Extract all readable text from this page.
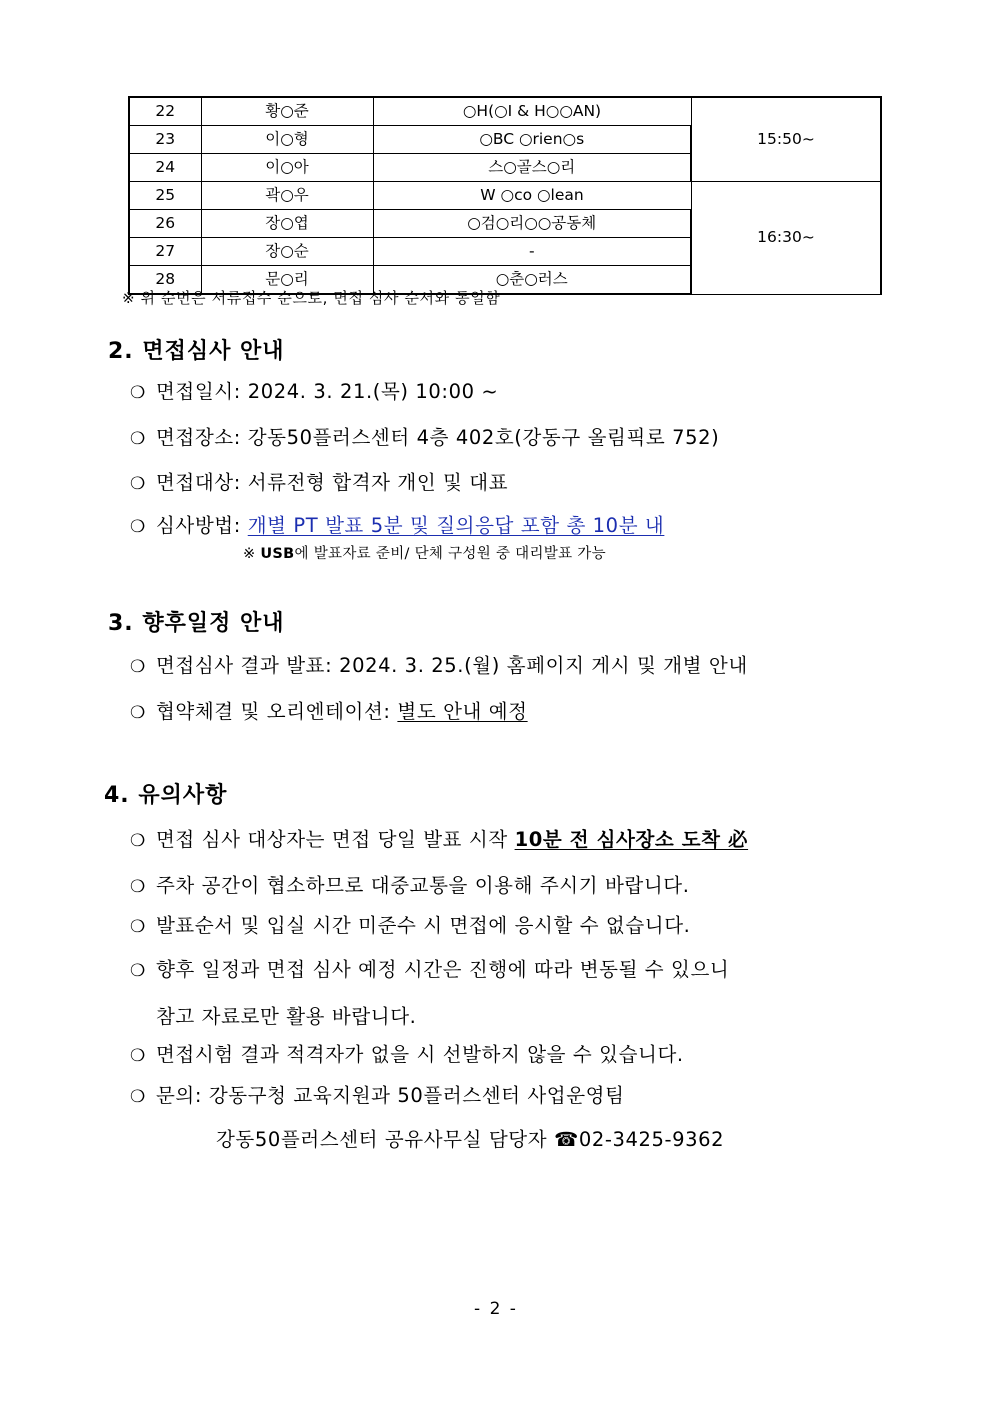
22	황○준	○H(○I & H○○AN)	15:50~
23	이○형	○BC ○rien○s	
24	이○아	스○골스○리	
25	곽○우	W ○co ○lean	16:30~
26	장○엽	○검○리○○공동체	
27	장○순	-	
28	문○리	○춘○러스	
※ 위 순번은 서류접수 순으로, 면접 심사 순서와 동일함
2. 면접심사 안내
❍ 면접일시: 2024. 3. 21.(목) 10:00 ~
❍ 면접장소: 강동50플러스센터 4층 402호(강동구 올림픽로 752)
❍ 면접대상: 서류전형 합격자 개인 및 대표
❍ 심사방법: 개별 PT 발표 5분 및 질의응답 포함 총 10분 내
※ USB에 발표자료 준비/ 단체 구성원 중 대리발표 가능
3. 향후일정 안내
❍ 면접심사 결과 발표: 2024. 3. 25.(월) 홈페이지 게시 및 개별 안내
❍ 협약체결 및 오리엔테이션: 별도 안내 예정
4. 유의사항
❍ 면접 심사 대상자는 면접 당일 발표 시작 10분 전 심사장소 도착 必
❍ 주차 공간이 협소하므로 대중교통을 이용해 주시기 바랍니다.
❍ 발표순서 및 입실 시간 미준수 시 면접에 응시할 수 없습니다.
❍ 향후 일정과 면접 심사 예정 시간은 진행에 따라 변동될 수 있으니
참고 자료로만 활용 바랍니다.
❍ 면접시험 결과 적격자가 없을 시 선발하지 않을 수 있습니다.
❍ 문의: 강동구청 교육지원과 50플러스센터 사업운영팀
강동50플러스센터 공유사무실 담당자 ☎02-3425-9362
- 2 -
